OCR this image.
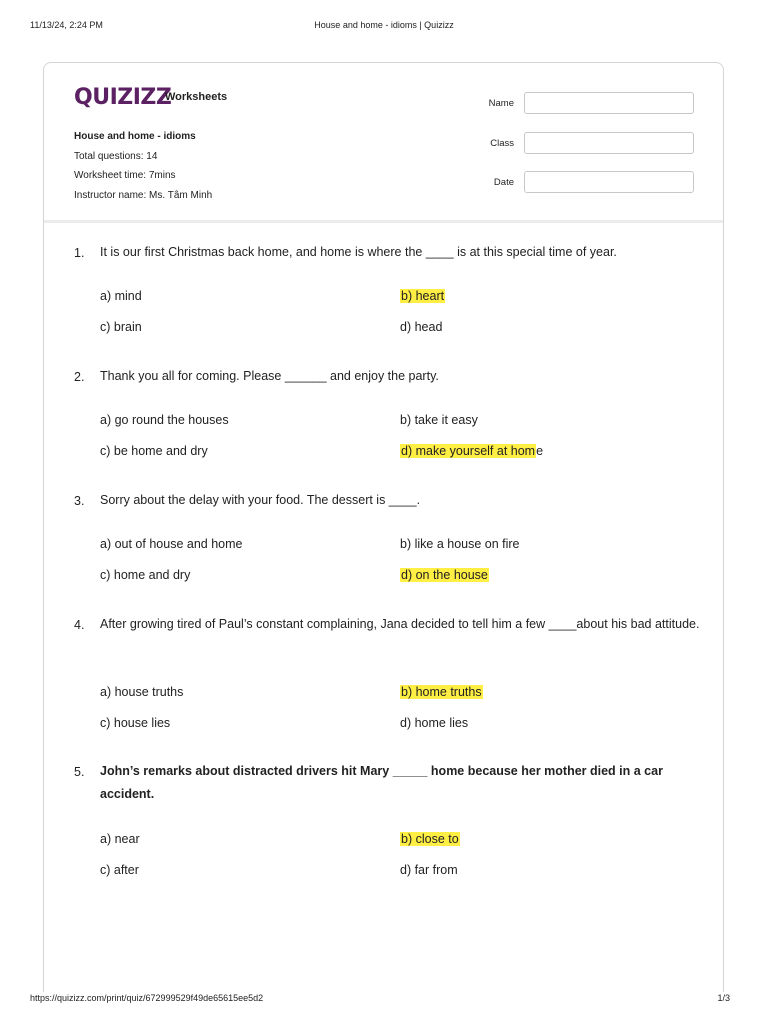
11/13/24, 2:24 PM	House and home - idioms | Quizizz
QUIZIZZ
Worksheets
House and home - idioms
Total questions: 14
Worksheet time: 7mins
Instructor name: Ms. Tâm Minh
Name
Class
Date
1. It is our first Christmas back home, and home is where the ____ is at this special time of year.
a) mind	b) heart
c) brain	d) head
2. Thank you all for coming. Please ______ and enjoy the party.
a) go round the houses	b) take it easy
c) be home and dry	d) make yourself at home
3. Sorry about the delay with your food. The dessert is ____.
a) out of house and home	b) like a house on fire
c) home and dry	d) on the house
4. After growing tired of Paul’s constant complaining, Jana decided to tell him a few ____about his bad attitude.
a) house truths	b) home truths
c) house lies	d) home lies
5. John’s remarks about distracted drivers hit Mary _____ home because her mother died in a car accident.
a) near	b) close to
c) after	d) far from
https://quizizz.com/print/quiz/672999529f49de65615ee5d2	1/3
